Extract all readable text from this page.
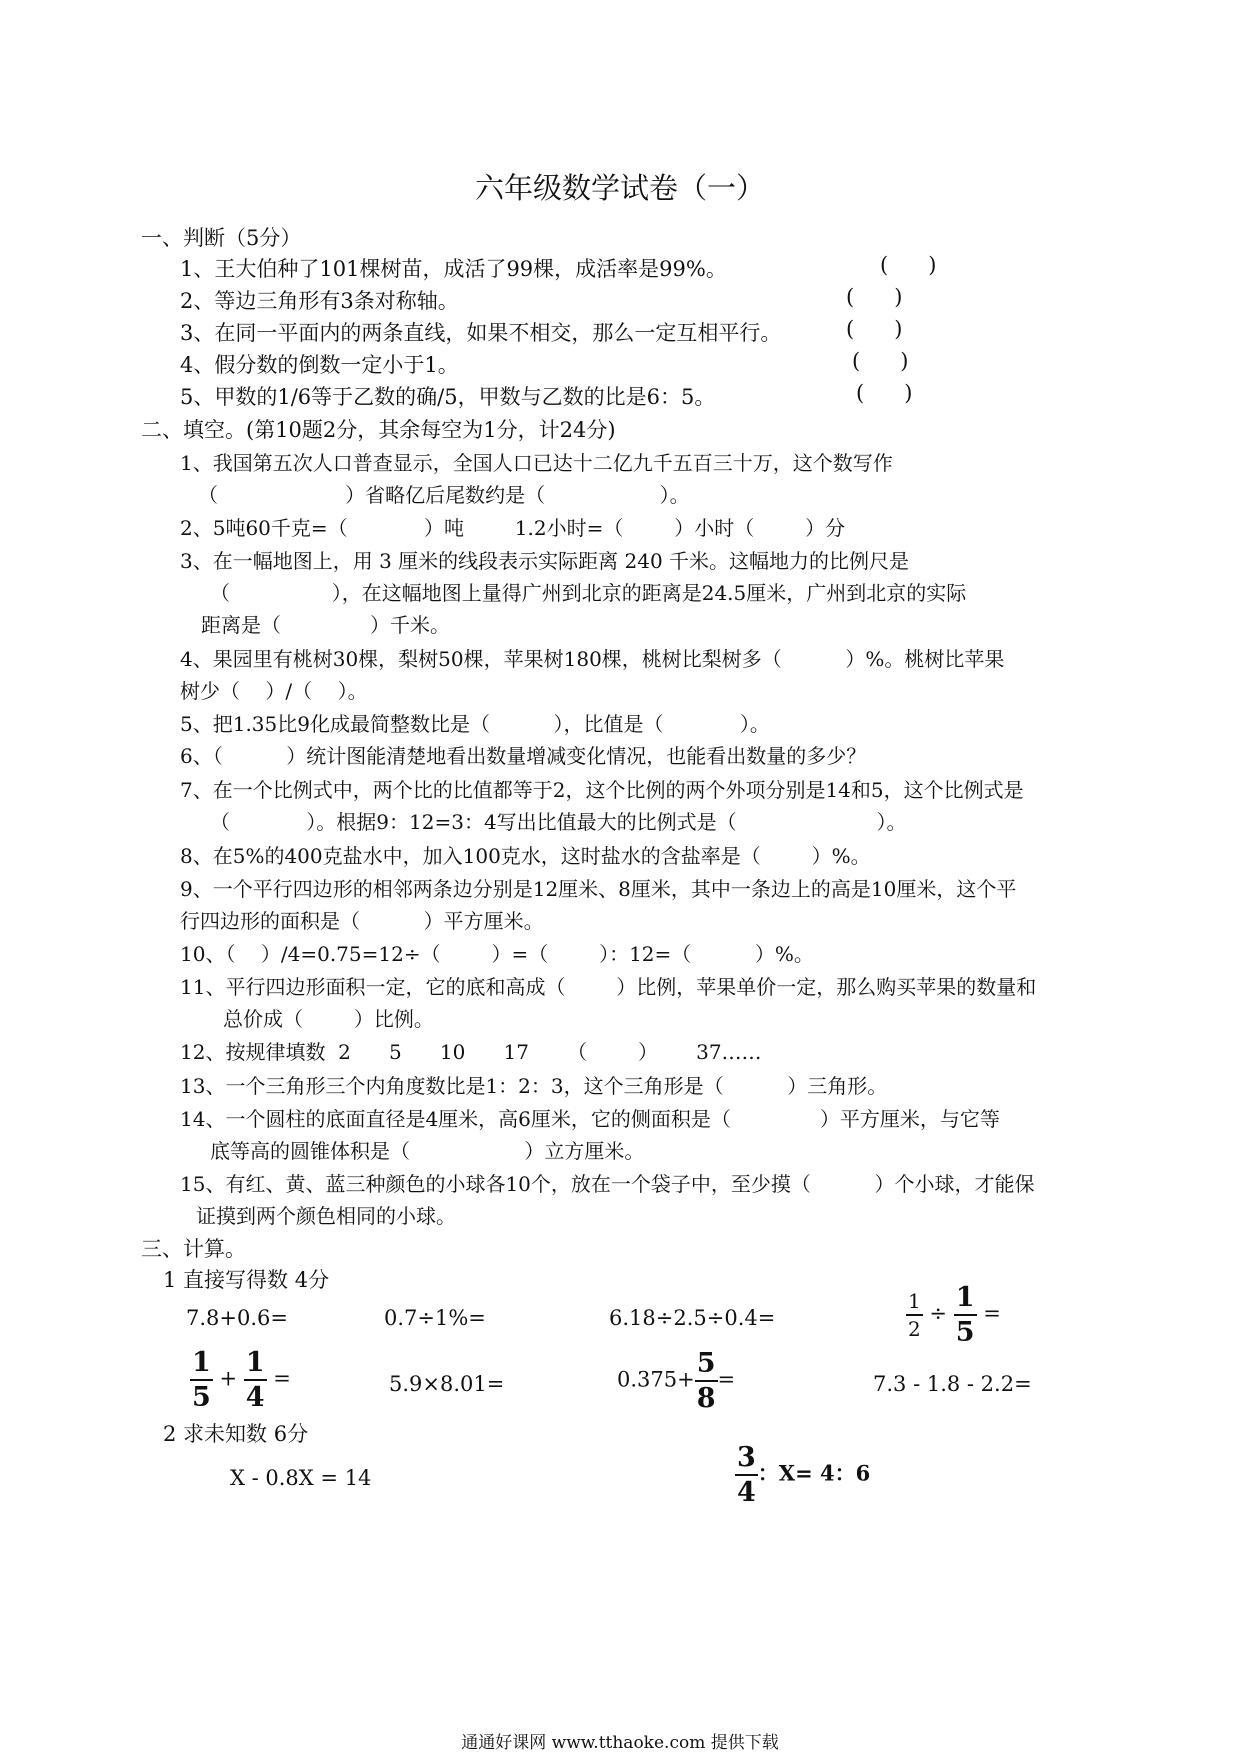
六年级数学试卷（一）
一、判断（5分）
1、王大伯种了101棵树苗，成活了99棵，成活率是99%。	(      )
2、等边三角形有3条对称轴。	(      )
3、在同一平面内的两条直线，如果不相交，那么一定互相平行。	(      )
4、假分数的倒数一定小于1。	(      )
5、甲数的1/6等于乙数的确/5，甲数与乙数的比是6：5。	(      )
二、填空。(第10题2分，其余每空为1分，计24分)
1、我国第五次人口普查显示，全国人口已达十二亿九千五百三十万，这个数写作
（                    ）省略亿后尾数约是（                  ）。
2、5吨60千克=（            ）吨        1.2小时=（        ）小时（        ）分
3、在一幅地图上，用 3 厘米的线段表示实际距离 240 千米。这幅地力的比例尺是
（                ），在这幅地图上量得广州到北京的距离是24.5厘米，广州到北京的实际
距离是（              ）千米。
4、果园里有桃树30棵，梨树50棵，苹果树180棵，桃树比梨树多（          ）%。桃树比苹果
树少（    ）/（    ）。
5、把1.35比9化成最简整数比是（          ），比值是（            ）。
6、（          ）统计图能清楚地看出数量增减变化情况，也能看出数量的多少？
7、在一个比例式中，两个比的比值都等于2，这个比例的两个外项分别是14和5，这个比例式是
（            ）。根据9：12=3：4写出比值最大的比例式是（                      ）。
8、在5%的400克盐水中，加入100克水，这时盐水的含盐率是（        ）%。
9、一个平行四边形的相邻两条边分别是12厘米、8厘米，其中一条边上的高是10厘米，这个平
行四边形的面积是（          ）平方厘米。
10、（    ）/4=0.75=12÷（        ）=（        ）：12=（          ）%。
11、平行四边形面积一定，它的底和高成（        ）比例，苹果单价一定，那么购买苹果的数量和
总价成（        ）比例。
12、按规律填数  2      5      10      17      （        ）      37……
13、一个三角形三个内角度数比是1：2：3，这个三角形是（          ）三角形。
14、一个圆柱的底面直径是4厘米，高6厘米，它的侧面积是（              ）平方厘米，与它等
底等高的圆锥体积是（                  ）立方厘米。
15、有红、黄、蓝三种颜色的小球各10个，放在一个袋子中，至少摸（          ）个小球，才能保
证摸到两个颜色相同的小球。
三、计算。
1 直接写得数 4分
7.8+0.6=	0.7÷1%=	6.18÷2.5÷0.4=	$\frac{1}{2} \div \frac{1}{5}$ =
$\frac{1}{5} + \frac{1}{4}$ =	5.9×8.01=	$0.375+ \frac{5}{8}$ =	7.3 - 1.8 - 2.2=
2 求未知数 6分
X - 0.8X = 14	$\frac{3}{4}$ ：X= 4：6
通通好课网 www.tthaoke.com 提供下载
